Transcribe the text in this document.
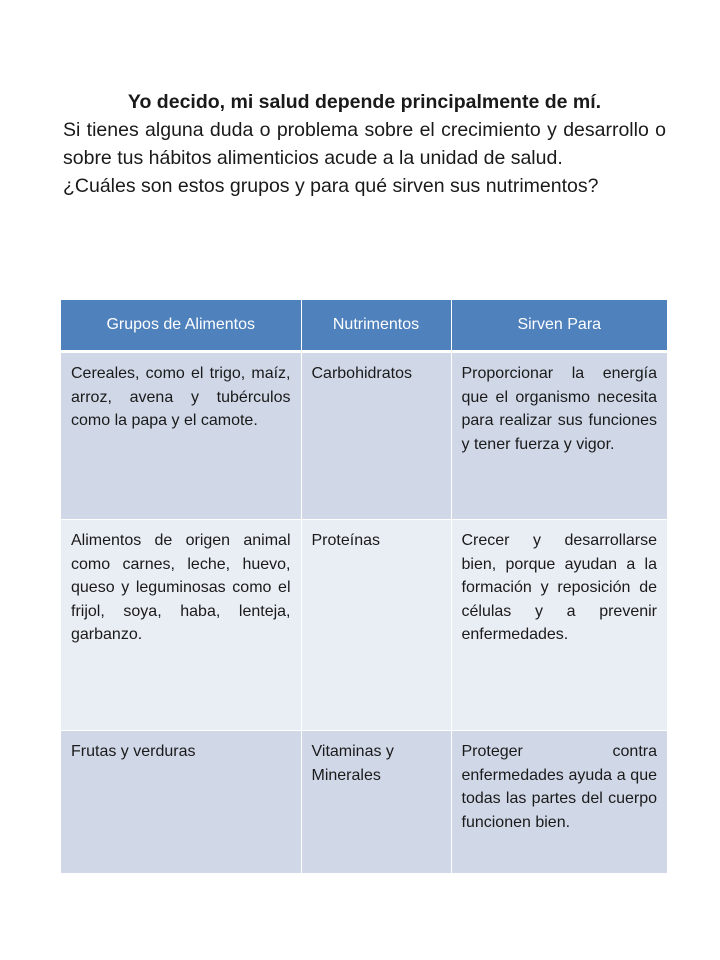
Yo decido, mi salud depende principalmente de mí.

Si tienes alguna duda o problema sobre el crecimiento y desarrollo o sobre tus hábitos alimenticios acude a la unidad de salud.

¿Cuáles son estos grupos y para qué sirven sus nutrimentos?

Grupos de Alimentos	Nutrimentos	Sirven Para
Cereales, como el trigo, maíz, arroz, avena y tubérculos como la papa y el camote.	Carbohidratos	Proporcionar la energía que el organismo necesita para realizar sus funciones y tener fuerza y vigor.
Alimentos de origen animal como carnes, leche, huevo, queso y leguminosas como el frijol, soya, haba, lenteja, garbanzo.	Proteínas	Crecer y desarrollarse bien, porque ayudan a la formación y reposición de células y a prevenir enfermedades.
Frutas y verduras	Vitaminas y Minerales	Proteger contra enfermedades ayuda a que todas las partes del cuerpo funcionen bien.
